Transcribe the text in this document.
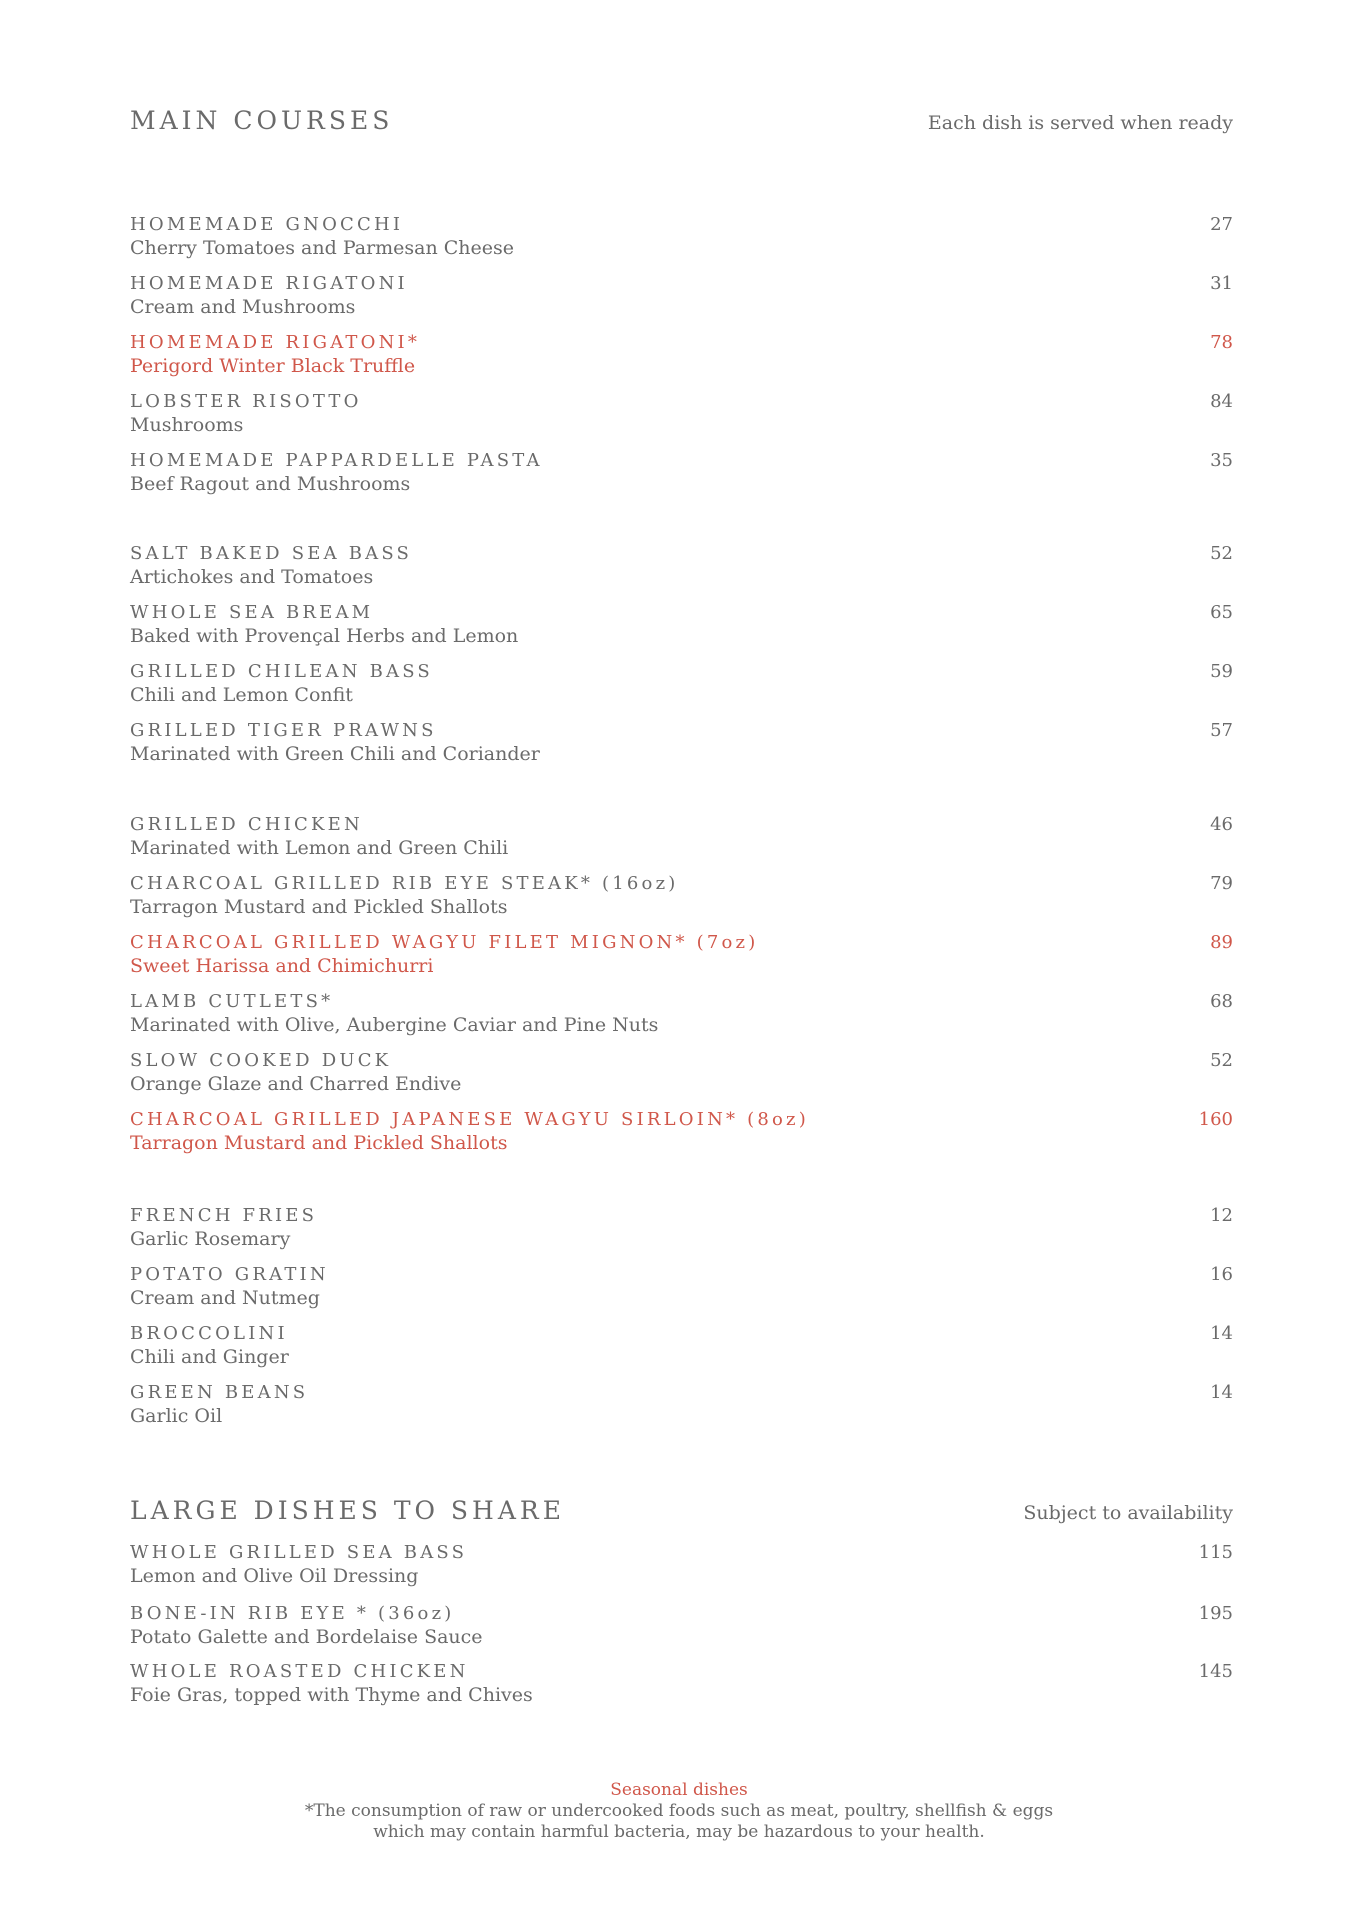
MAIN COURSES	Each dish is served when ready
HOMEMADE GNOCCHI	27
Cherry Tomatoes and Parmesan Cheese
HOMEMADE RIGATONI	31
Cream and Mushrooms
HOMEMADE RIGATONI*	78
Perigord Winter Black Truffle
LOBSTER RISOTTO	84
Mushrooms
HOMEMADE PAPPARDELLE PASTA	35
Beef Ragout and Mushrooms
SALT BAKED SEA BASS	52
Artichokes and Tomatoes
WHOLE SEA BREAM	65
Baked with Provençal Herbs and Lemon
GRILLED CHILEAN BASS	59
Chili and Lemon Confit
GRILLED TIGER PRAWNS	57
Marinated with Green Chili and Coriander
GRILLED CHICKEN	46
Marinated with Lemon and Green Chili
CHARCOAL GRILLED RIB EYE STEAK* (16oz)	79
Tarragon Mustard and Pickled Shallots
CHARCOAL GRILLED WAGYU FILET MIGNON* (7oz)	89
Sweet Harissa and Chimichurri
LAMB CUTLETS*	68
Marinated with Olive, Aubergine Caviar and Pine Nuts
SLOW COOKED DUCK	52
Orange Glaze and Charred Endive
CHARCOAL GRILLED JAPANESE WAGYU SIRLOIN* (8oz)	160
Tarragon Mustard and Pickled Shallots
FRENCH FRIES	12
Garlic Rosemary
POTATO GRATIN	16
Cream and Nutmeg
BROCCOLINI	14
Chili and Ginger
GREEN BEANS	14
Garlic Oil
LARGE DISHES TO SHARE	Subject to availability
WHOLE GRILLED SEA BASS	115
Lemon and Olive Oil Dressing
BONE-IN RIB EYE * (36oz)	195
Potato Galette and Bordelaise Sauce
WHOLE ROASTED CHICKEN	145
Foie Gras, topped with Thyme and Chives
Seasonal dishes
*The consumption of raw or undercooked foods such as meat, poultry, shellfish & eggs
which may contain harmful bacteria, may be hazardous to your health.
